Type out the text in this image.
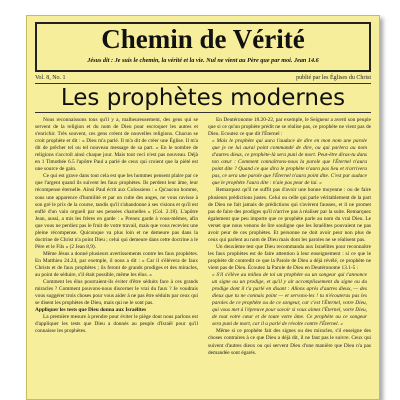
Chemin de Vérité
Jésus dit : Je suis le chemin, la vérité et la vie. Nul ne vient au Père que par moi. Jean 14.6
Vol. 8, No. 1	publié par les Églises du Christ
Les prophètes modernes

Nous reconnaissons tous qu'il y a, malheureusement, des gens qui se servent de la religion et du nom de Dieu pour escroquer les autres et s'enrichir. Très souvent, ces gens créent de nouvelles religions. Chacun se croit prophète et dit : « Dieu m'a parlé. Il m'a dit de créer une Église. Il m'a dit de prêcher tel ou tel nouveau message de sa part. » En le nombre de religions s'accroît ainsi chaque jour. Mais tout ceci n'est pas nouveau. Déjà en 1 Timothée 6.5 l'apôtre Paul a parlé de ceux qui croient que la piété est une source de gain.

Ce qui est grave dans tout cela est que les hommes pensent plaire par ce que l'argent quand ils suivent les faux prophètes. Ils perdent leur âme, leur récompense éternelle. Ainsi Paul écrit aux Colossiens : « Qu'aucun homme, sous une apparence d'humilité et par un culte des anges, ne vous ravisse à son gré le prix de la course, tandis qu'il s'abandonne à ses visions et qu'il est enflé d'un vain orgueil par ses pensées charnelles » (Col. 2.18). L'apôtre Jean, aussi, a mis les frères en garde : « Prenez garde à vous-mêmes, afin que vous ne perdiez pas le fruit de votre travail, mais que vous receviez une pleine récompense. Quiconque va plus loin et ne demeure pas dans la doctrine de Christ n'a point Dieu ; celui qui demeure dans cette doctrine a le Père et le Fils » (2 Jean 8,9).

Même Jésus a donné plusieurs avertissements contre les faux prophètes. En Matthieu 24.24, par exemple, il nous a dit : « Car il s'élèvera de faux Christs et de faux prophètes ; ils feront de grands prodiges et des miracles, au point de séduire, s'il était possible, même les élus. »

Comment les élus pourraient-ils éviter d'être séduits face à ces grands miracles ? Comment pouvons-nous discerner le vrai du faux ? Je voudrais vous suggérer trois choses pour vous aider à ne pas être séduits par ceux qui se disent les prophètes de Dieu, mais qui ne le sont pas.

Appliquer les tests que Dieu donna aux Israélites

La première mesure à prendre pour éviter le piège dont nous parlons est d'appliquer les tests que Dieu a donnés au peuple d'Israël pour qu'il connaisse les prophètes.

En Deutéronome 18.20-22, par exemple, le Seigneur a averti son peuple que si ce qu'un prophète prédit ne se réalise pas, ce prophète ne vient pas de Dieu. Ecoutez ce que dit l'Éternel :

« Mais le prophète qui aura l'audace de dire en mon nom une parole que je ne lui aurai point commandé de dire, ou qui parlera au nom d'autres dieux, ce prophète-là sera puni de mort. Peut-être diras-tu dans ton cœur : Comment connaîtrons-nous la parole que l'Éternel n'aura point dite ? Quand ce que dira le prophète n'aura pas lieu et n'arrivera pas, ce sera une parole que l'Éternel n'aura point dite. C'est par audace que le prophète l'aura dite : n'aie pas peur de lui. »

Remarquez qu'il ne suffit pas d'avoir une bonne moyenne : ou de faire plusieurs prédictions justes. Celui ou celle qui parle véritablement de la part de Dieu ne fait jamais de prédictions qui s'avèrent fausses, et il ne promet pas de faire des prodiges qu'il n'arrive pas à réaliser par la suite. Remarquez également que peu importe que ce prophète parle au nom du vrai Dieu. Le verset que nous venons de lire souligne que les Israélites pouvaient ne pas avoir peur de ces prophètes. Et personne ne doit avoir peur non plus de ceux qui parlent au nom de Dieu mais dont les paroles ne se réalisent pas.

Un deuxième test que Dieu recommanda aux Israélites pour reconnaître les faux prophètes est de faire attention à leur enseignement : si ce que le prophète dit contredit ce que la Parole de Dieu a déjà révélé, ce prophète ne vient pas de Dieu. Écoutez la Parole de Dieu en Deutéronome 13.1-5 :

« S'il s'élève au milieu de toi un prophète ou un songeur qui t'annonce un signe ou un prodige, et qu'il y ait accomplissement du signe ou du prodige dont il t'a parlé en disant : Allons après d'autres dieux, — des dieux que tu ne connais point — et servons-les ! tu n'écouteras pas les paroles de ce prophète ou de ce songeur, car c'est l'Éternel, votre Dieu, qui vous met à l'épreuve pour savoir si vous aimez l'Éternel, votre Dieu, de tout votre cœur et de toute votre âme. Ce prophète ou ce songeur sera puni de mort, car il a parlé de révolte contre l'Éternel. »

Même si ce prophète fait des signes ou des miracles, s'il enseigne des choses contraires à ce que Dieu a déjà dit, il ne faut pas le suivre. Ceux qui suivent d'autres dieux ou qui servent Dieu d'une manière que Dieu n'a pas demandée sont égarés.
